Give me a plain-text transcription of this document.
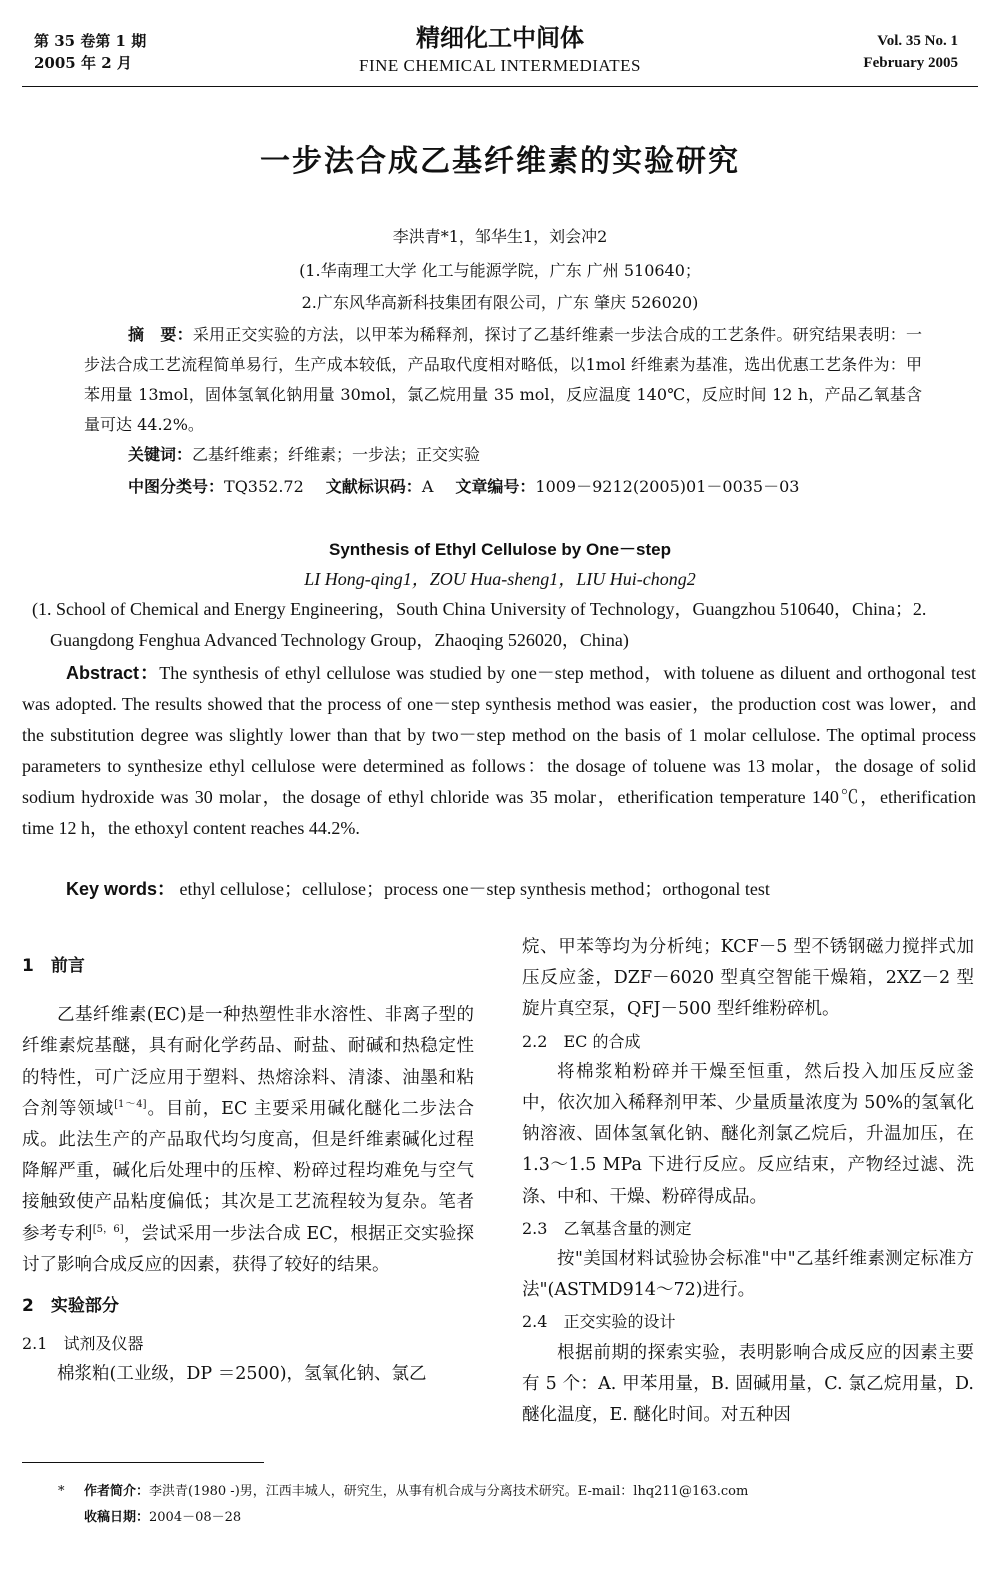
第 35 卷第 1 期
2005 年 2 月
精细化工中间体
FINE CHEMICAL INTERMEDIATES
Vol. 35 No. 1
February 2005
一步法合成乙基纤维素的实验研究
李洪青*1，邹华生1，刘会冲2
(1.华南理工大学 化工与能源学院，广东 广州 510640；
2.广东风华高新科技集团有限公司，广东 肇庆 526020)
摘　要：采用正交实验的方法，以甲苯为稀释剂，探讨了乙基纤维素一步法合成的工艺条件。研究结果表明：一步法合成工艺流程简单易行，生产成本较低，产品取代度相对略低，以1mol 纤维素为基准，选出优惠工艺条件为：甲苯用量 13mol，固体氢氧化钠用量 30mol，氯乙烷用量 35 mol，反应温度 140℃，反应时间 12 h，产品乙氧基含量可达 44.2%。
关键词：乙基纤维素；纤维素；一步法；正交实验
中图分类号：TQ352.72 文献标识码：A 文章编号：1009－9212(2005)01－0035－03
Synthesis of Ethyl Cellulose by One－step
LI Hong-qing1，ZOU Hua-sheng1，LIU Hui-chong2
(1. School of Chemical and Energy Engineering，South China University of Technology，Guangzhou 510640，China；2. Guangdong Fenghua Advanced Technology Group，Zhaoqing 526020，China)
Abstract：The synthesis of ethyl cellulose was studied by one－step method，with toluene as diluent and orthogonal test was adopted. The results showed that the process of one－step synthesis method was easier，the production cost was lower，and the substitution degree was slightly lower than that by two－step method on the basis of 1 molar cellulose. The optimal process parameters to synthesize ethyl cellulose were determined as follows：the dosage of toluene was 13 molar，the dosage of solid sodium hydroxide was 30 molar，the dosage of ethyl chloride was 35 molar，etherification temperature 140℃，etherification time 12 h，the ethoxyl content reaches 44.2%.
Key words： ethyl cellulose；cellulose；process one－step synthesis method；orthogonal test
1　前言

乙基纤维素(EC)是一种热塑性非水溶性、非离子型的纤维素烷基醚，具有耐化学药品、耐盐、耐碱和热稳定性的特性，可广泛应用于塑料、热熔涂料、清漆、油墨和粘合剂等领域[1～4]。目前，EC 主要采用碱化醚化二步法合成。此法生产的产品取代均匀度高，但是纤维素碱化过程降解严重，碱化后处理中的压榨、粉碎过程均难免与空气接触致使产品粘度偏低；其次是工艺流程较为复杂。笔者参考专利[5，6]，尝试采用一步法合成 EC，根据正交实验探讨了影响合成反应的因素，获得了较好的结果。

2　实验部分
2.1　试剂及仪器

棉浆粕(工业级，DP ＝2500)，氢氧化钠、氯乙

烷、甲苯等均为分析纯；KCF－5 型不锈钢磁力搅拌式加压反应釜，DZF－6020 型真空智能干燥箱，2XZ－2 型旋片真空泵，QFJ－500 型纤维粉碎机。

2.2　EC 的合成

将棉浆粕粉碎并干燥至恒重，然后投入加压反应釜中，依次加入稀释剂甲苯、少量质量浓度为 50%的氢氧化钠溶液、固体氢氧化钠、醚化剂氯乙烷后，升温加压，在 1.3～1.5 MPa 下进行反应。反应结束，产物经过滤、洗涤、中和、干燥、粉碎得成品。

2.3　乙氧基含量的测定

按"美国材料试验协会标准"中"乙基纤维素测定标准方法"(ASTMD914～72)进行。

2.4　正交实验的设计

根据前期的探索实验，表明影响合成反应的因素主要有 5 个：A. 甲苯用量，B. 固碱用量，C. 氯乙烷用量，D. 醚化温度，E. 醚化时间。对五种因

* 作者简介：李洪青(1980 -)男，江西丰城人，研究生，从事有机合成与分离技术研究。E-mail：lhq211@163.com
收稿日期：2004－08－28
